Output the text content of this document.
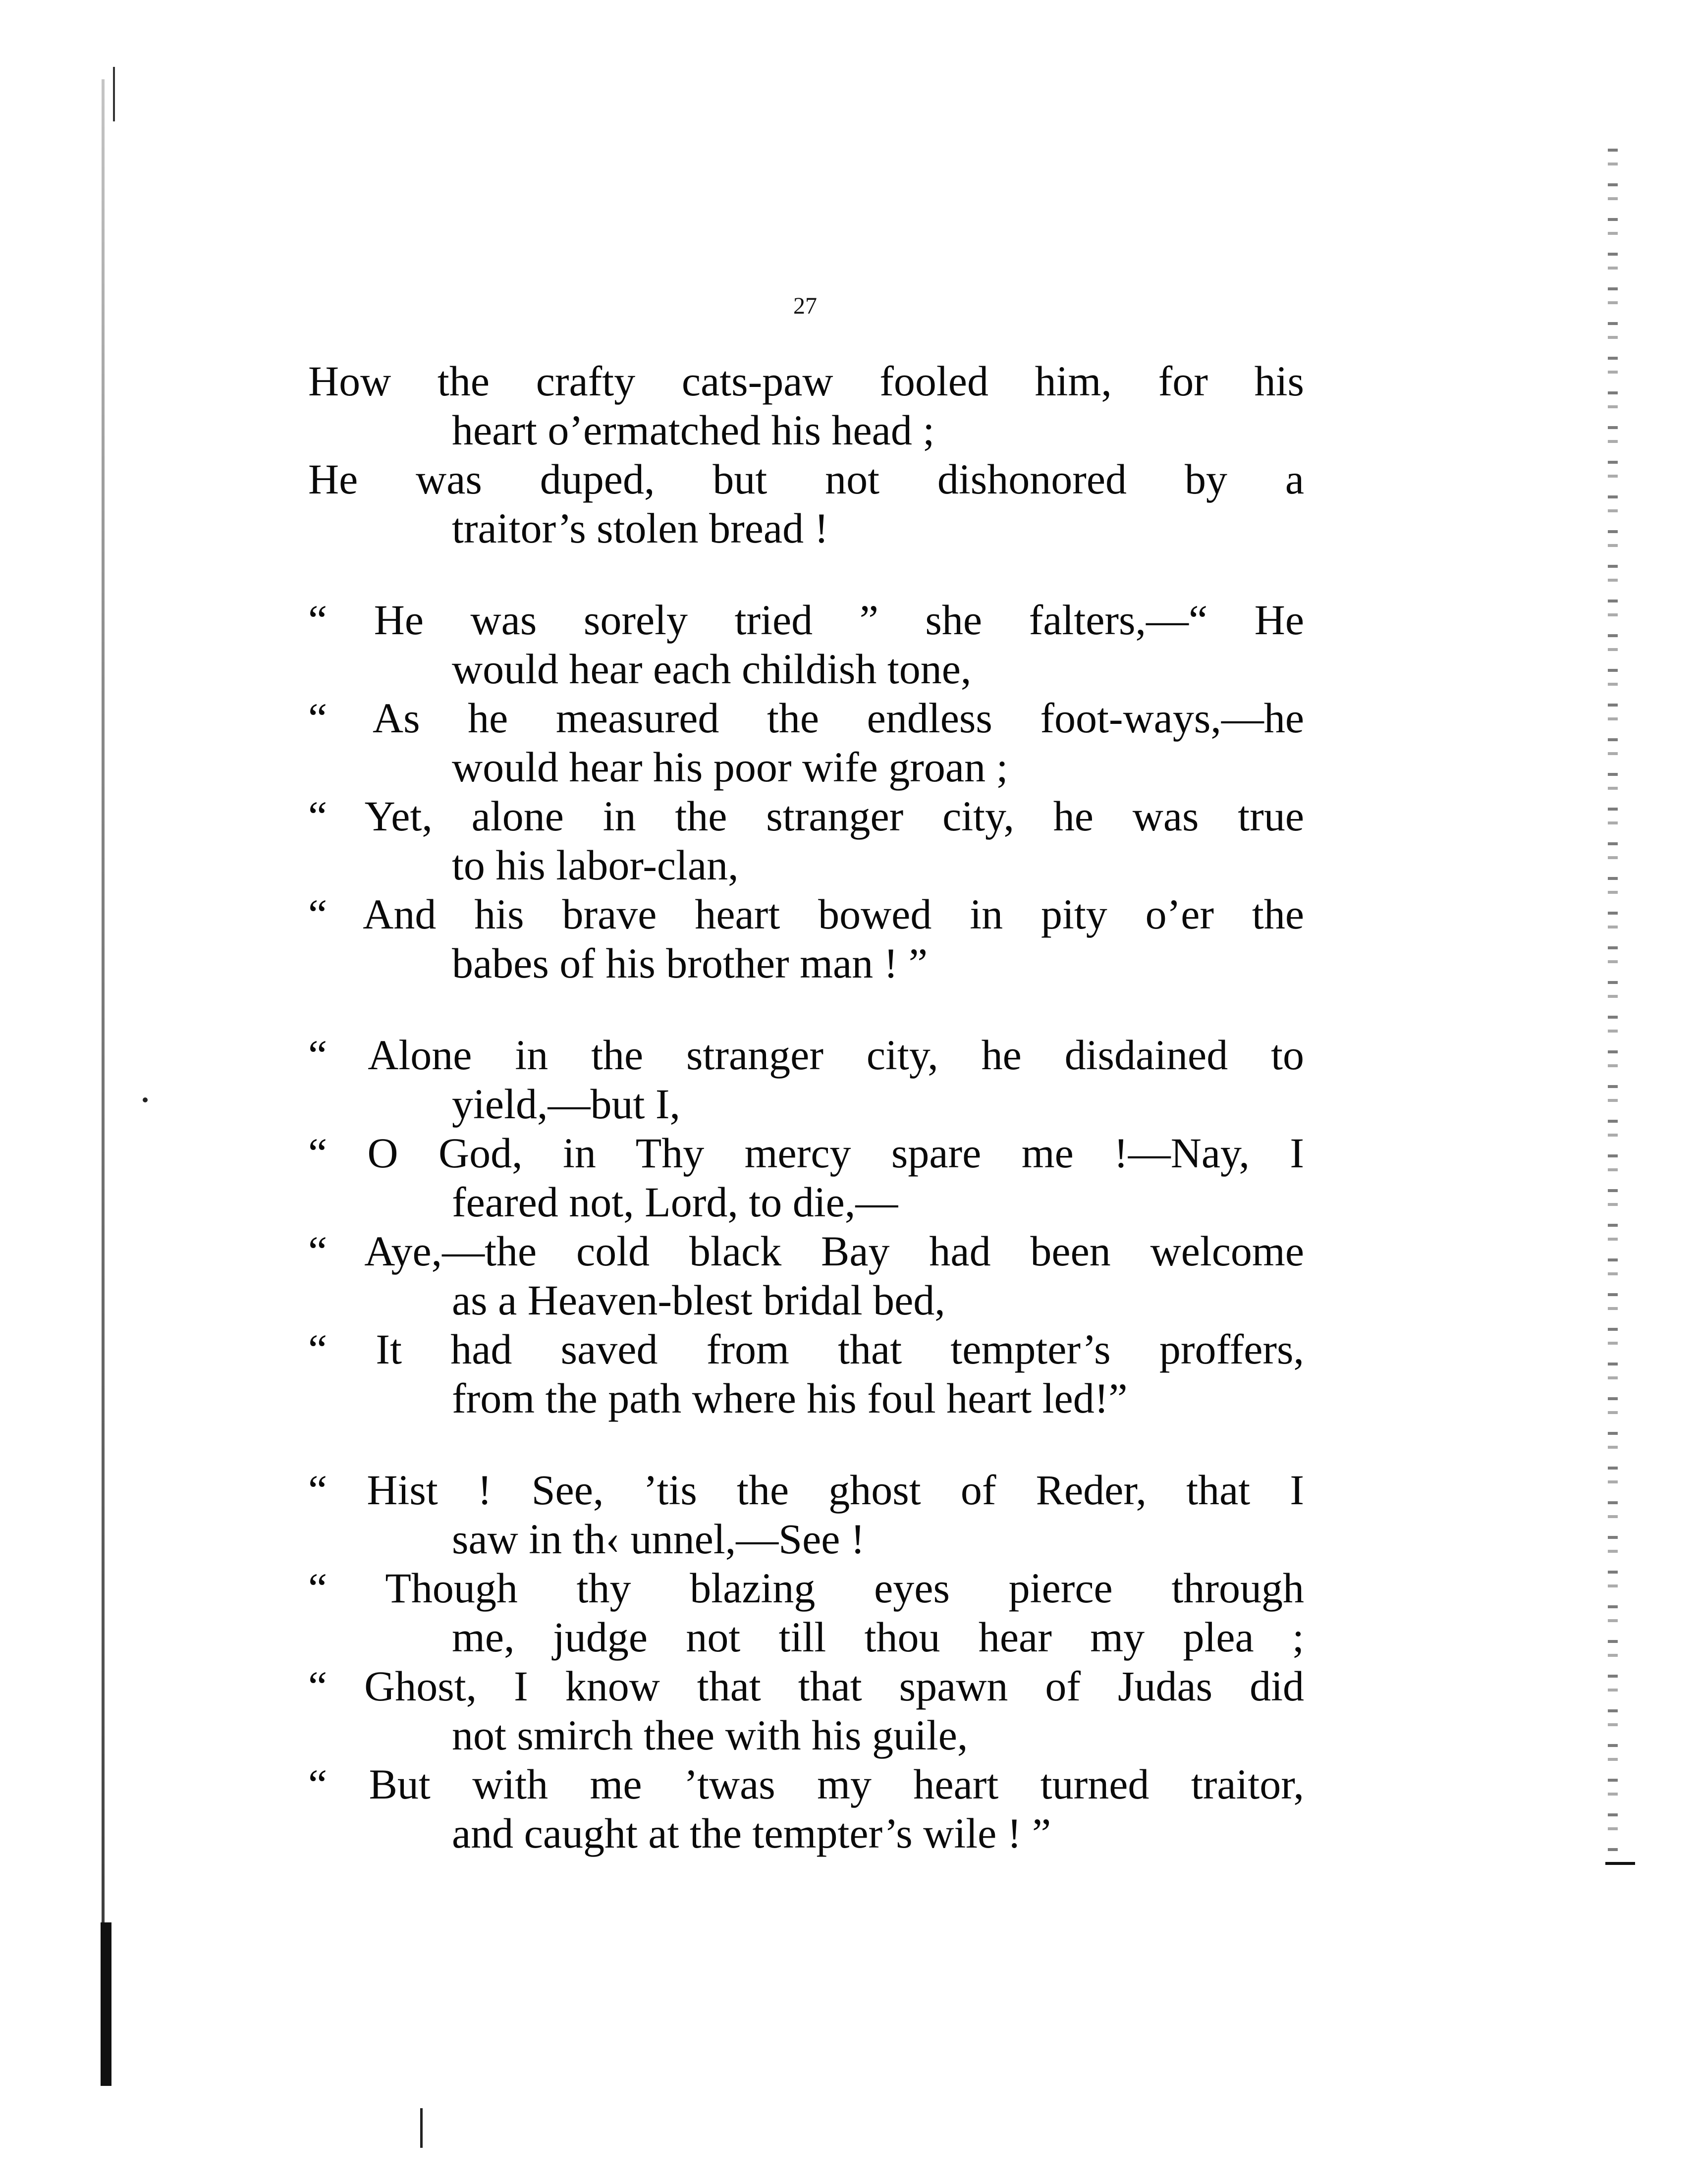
27
How the crafty cats-paw fooled him, for his
heart o’ermatched his head ;
He was duped, but not dishonored by a
traitor’s stolen bread !
“ He was sorely tried ” she falters,—“ He
would hear each childish tone,
“ As he measured the endless foot-ways,—he
would hear his poor wife groan ;
“ Yet, alone in the stranger city, he was true
to his labor-clan,
“ And his brave heart bowed in pity o’er the
babes of his brother man ! ”
“ Alone in the stranger city, he disdained to
yield,—but I,
“ O God, in Thy mercy spare me !—Nay, I
feared not, Lord, to die,—
“ Aye,—the cold black Bay had been welcome
as a Heaven-blest bridal bed,
“ It had saved from that tempter’s proffers,
from the path where his foul heart led!”
“ Hist ! See, ’tis the ghost of Reder, that I
saw in th‹ unnel,—See !
“ Though thy blazing eyes pierce through
me, judge not till thou hear my plea ;
“ Ghost, I know that that spawn of Judas did
not smirch thee with his guile,
“ But with me ’twas my heart turned traitor,
and caught at the tempter’s wile ! ”
